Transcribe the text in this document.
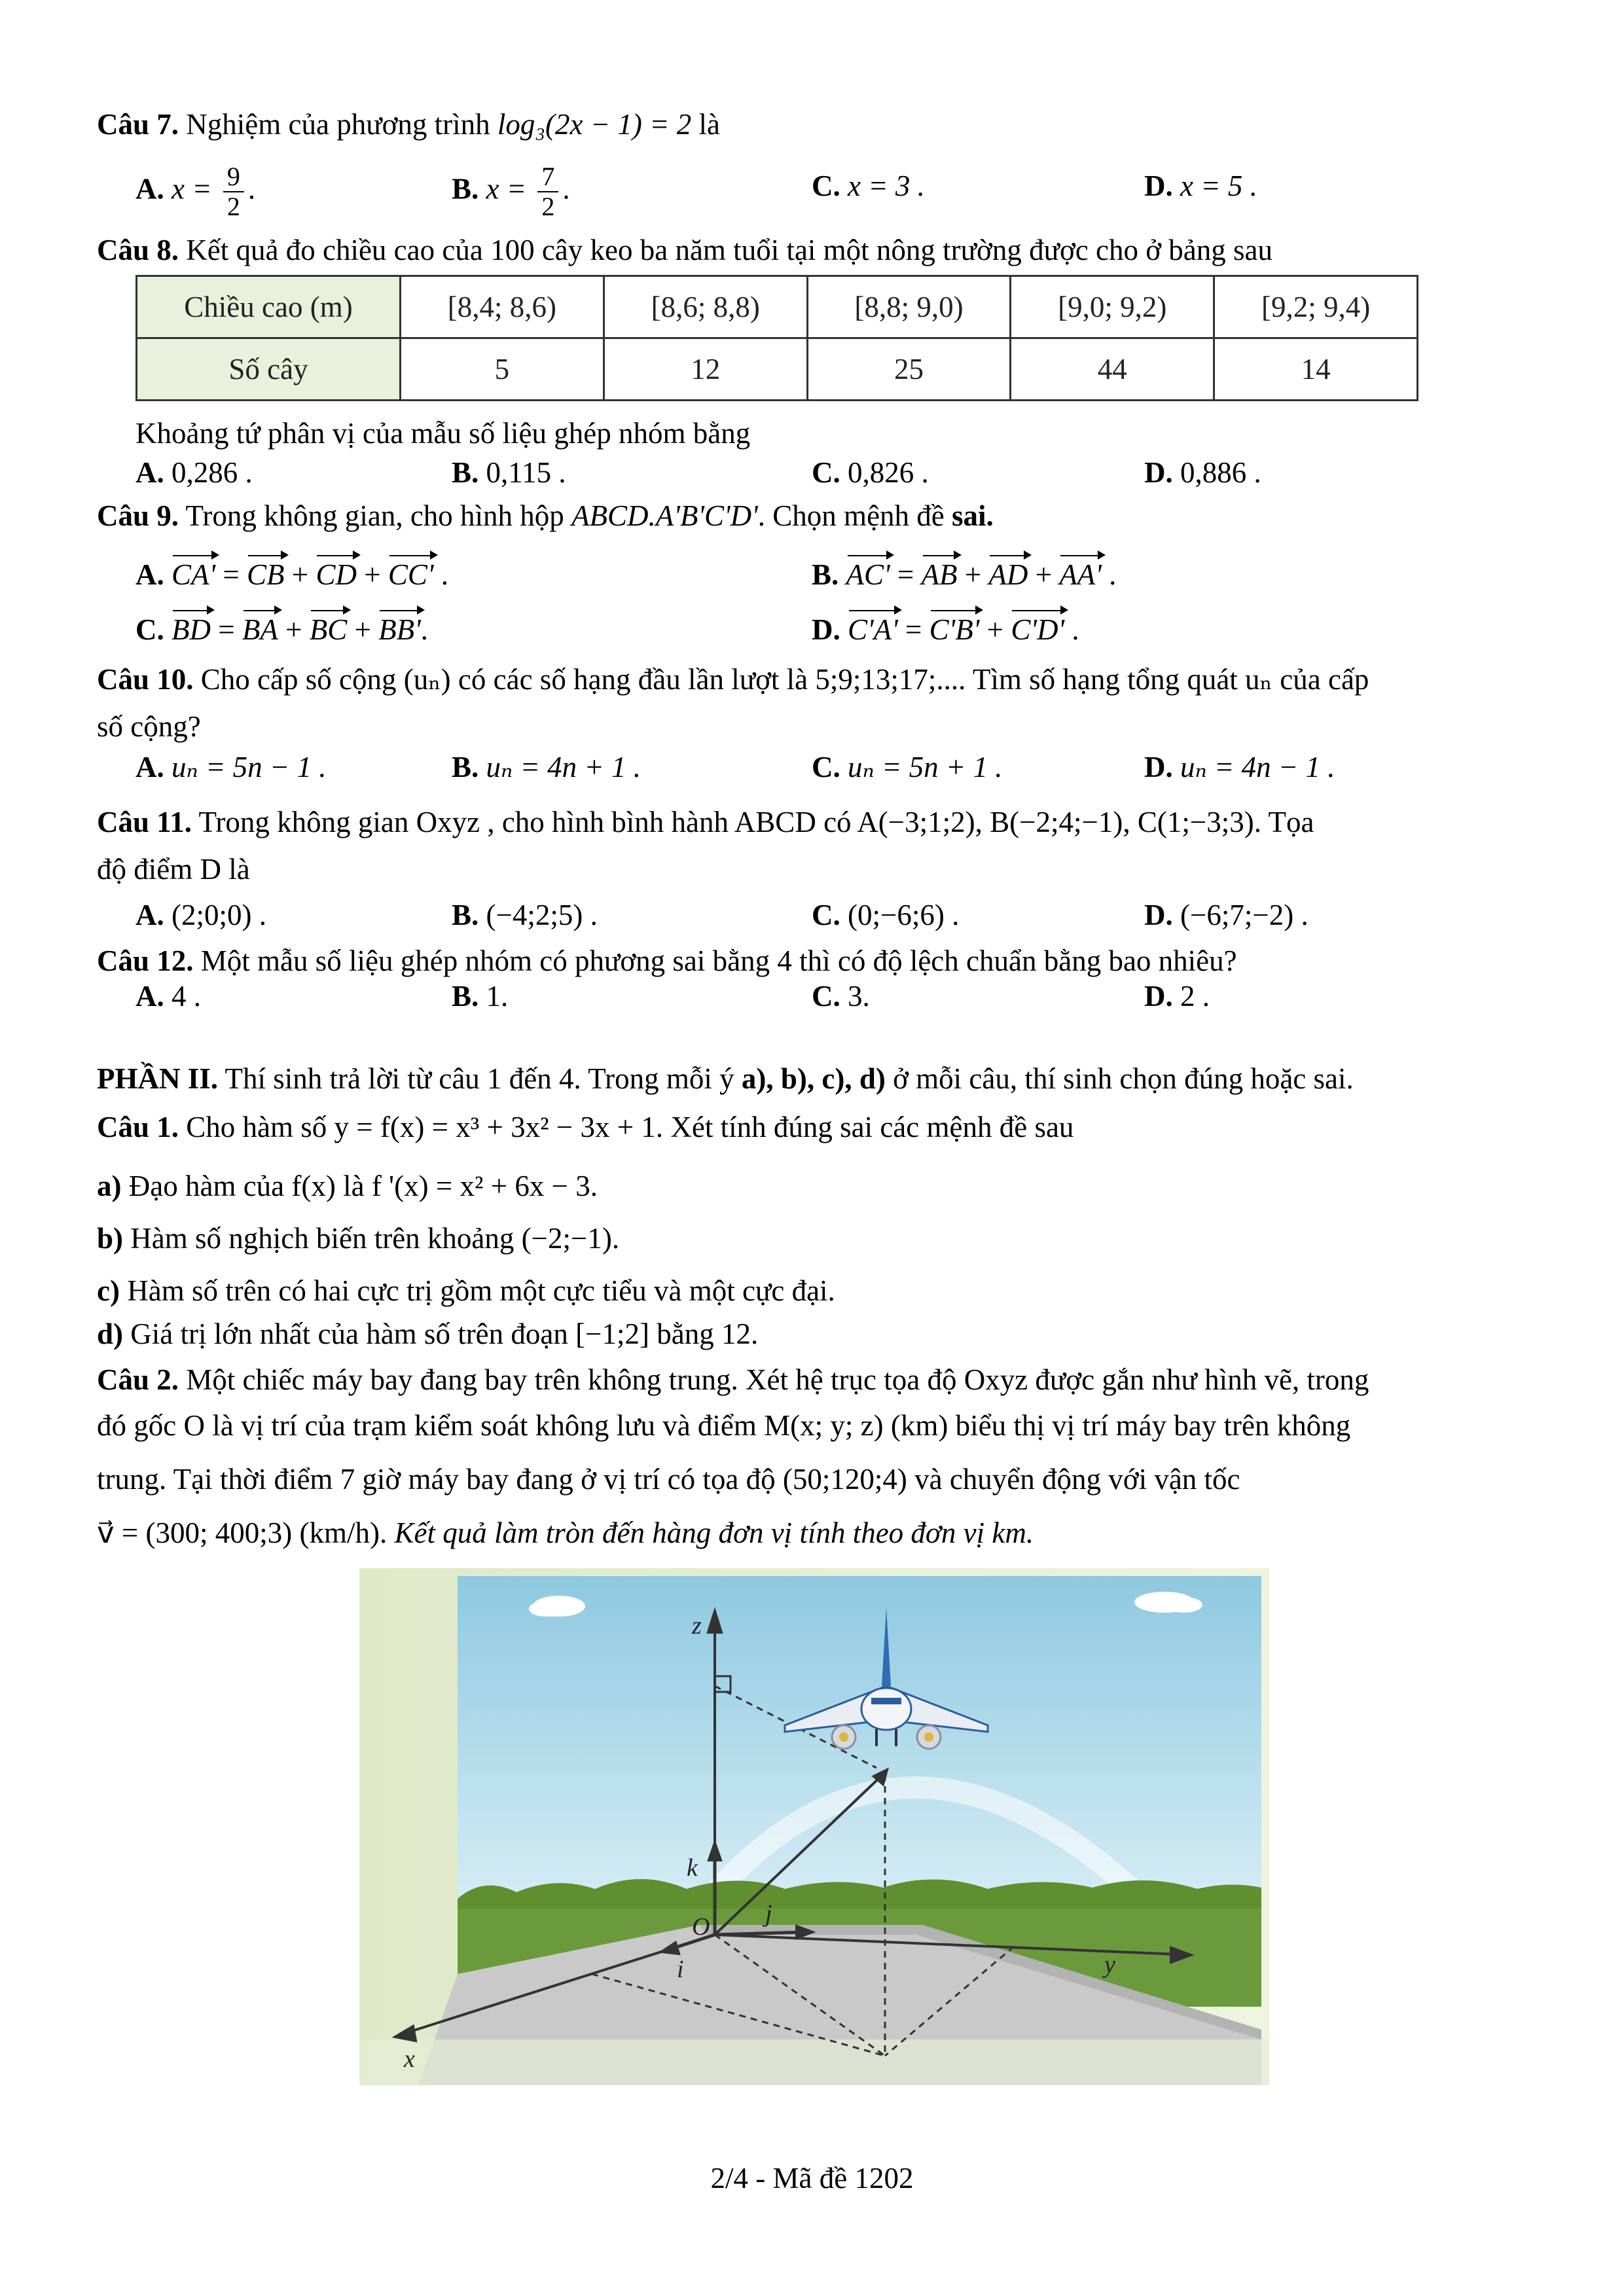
Câu 7. Nghiệm của phương trình log₃(2x − 1) = 2 là
A. $x = \frac{9}{2}$ .	B. $x = \frac{7}{2}$ .	C. x = 3 .	D. x = 5 .
Câu 8. Kết quả đo chiều cao của 100 cây keo ba năm tuổi tại một nông trường được cho ở bảng sau
Chiều cao (m)	[8,4; 8,6)	[8,6; 8,8)	[8,8; 9,0)	[9,0; 9,2)	[9,2; 9,4)
Số cây	5	12	25	44	14
Khoảng tứ phân vị của mẫu số liệu ghép nhóm bằng
A. 0,286 .	B. 0,115 .	C. 0,826 .	D. 0,886 .
Câu 9. Trong không gian, cho hình hộp ABCD.A'B'C'D'. Chọn mệnh đề sai.
A. CA' = CB + CD + CC' .	B. AC' = AB + AD + AA' .
C. BD = BA + BC + BB'.	D. C'A' = C'B' + C'D' .
Câu 10. Cho cấp số cộng (uₙ) có các số hạng đầu lần lượt là 5;9;13;17;.... Tìm số hạng tổng quát uₙ của cấp
số cộng?
A. uₙ = 5n − 1 .	B. uₙ = 4n + 1 .	C. uₙ = 5n + 1 .	D. uₙ = 4n − 1 .
Câu 11. Trong không gian Oxyz , cho hình bình hành ABCD có A(−3;1;2), B(−2;4;−1), C(1;−3;3). Tọa
độ điểm D là
A. (2;0;0) .	B. (−4;2;5) .	C. (0;−6;6) .	D. (−6;7;−2) .
Câu 12. Một mẫu số liệu ghép nhóm có phương sai bằng 4 thì có độ lệch chuẩn bằng bao nhiêu?
A. 4 .	B. 1.	C. 3.	D. 2 .
PHẦN II. Thí sinh trả lời từ câu 1 đến 4. Trong mỗi ý a), b), c), d) ở mỗi câu, thí sinh chọn đúng hoặc sai.
Câu 1. Cho hàm số y = f(x) = x³ + 3x² − 3x + 1. Xét tính đúng sai các mệnh đề sau
a) Đạo hàm của f(x) là f '(x) = x² + 6x − 3.
b) Hàm số nghịch biến trên khoảng (−2;−1).
c) Hàm số trên có hai cực trị gồm một cực tiểu và một cực đại.
d) Giá trị lớn nhất của hàm số trên đoạn [−1;2] bằng 12.
Câu 2. Một chiếc máy bay đang bay trên không trung. Xét hệ trục tọa độ Oxyz được gắn như hình vẽ, trong
đó gốc O là vị trí của trạm kiểm soát không lưu và điểm M(x; y; z) (km) biểu thị vị trí máy bay trên không
trung. Tại thời điểm 7 giờ máy bay đang ở vị trí có tọa độ (50;120;4) và chuyển động với vận tốc
v⃗ = (300; 400;3) (km/h). Kết quả làm tròn đến hàng đơn vị tính theo đơn vị km.
z
y
x
O
k
j
i
2/4 - Mã đề 1202
